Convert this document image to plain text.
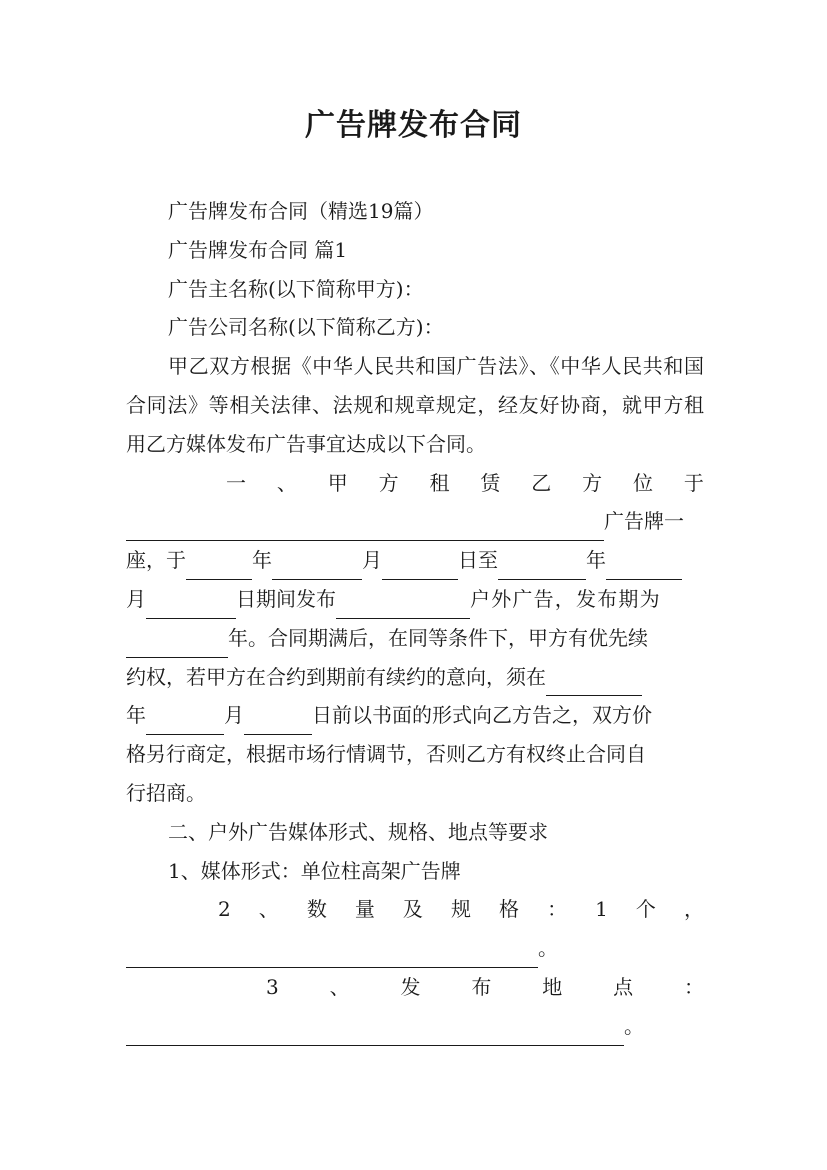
广告牌发布合同

广告牌发布合同（精选19篇）

广告牌发布合同 篇1

广告主名称(以下简称甲方)：

广告公司名称(以下简称乙方)：

甲乙双方根据《中华人民共和国广告法》、《中华人民共和国合同法》等相关法律、法规和规章规定，经友好协商，就甲方租用乙方媒体发布广告事宜达成以下合同。

一 、 甲 方 租 赁 乙 方 位 于
广告牌一
座，于	年	月	日至	年
月	日期间发布	户外广告，发布期为
年。合同期满后，在同等条件下，甲方有优先续
约权，若甲方在合约到期前有续约的意向，须在
年	月	日前以书面的形式向乙方告之，双方价

格另行商定，根据市场行情调节，否则乙方有权终止合同自

行招商。

二、户外广告媒体形式、规格、地点等要求

1、媒体形式：单位柱高架广告牌

2 、 数 量 及 规 格 ： 1 个 ，
。
3	、	发	布	地	点	：
。
